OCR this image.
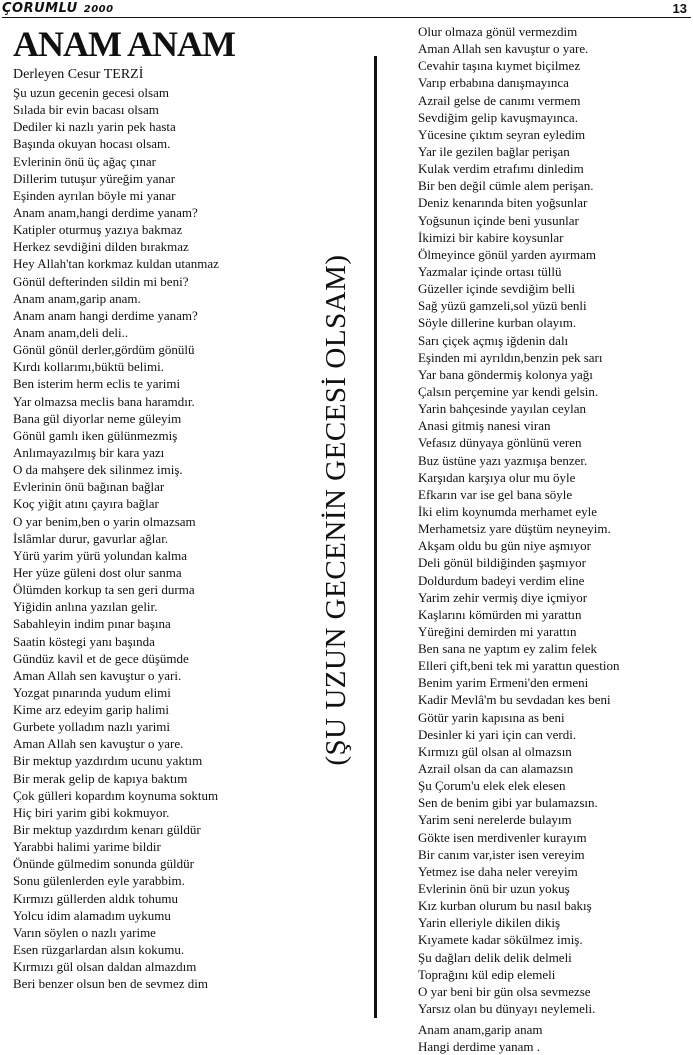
ÇORUMLU 2000	13
ANAM ANAM
Derleyen Cesur TERZİ
Şu uzun gecenin gecesi olsam
Sılada bir evin bacası olsam
Dediler ki nazlı yarin pek hasta
Başında okuyan hocası olsam.
Evlerinin önü üç ağaç çınar
Dillerim tutuşur yüreğim yanar
Eşinden ayrılan böyle mi yanar
Anam anam,hangi derdime yanam?
Katipler oturmuş yazıya bakmaz
Herkez sevdiğini dilden bırakmaz
Hey Allah'tan korkmaz kuldan utanmaz
Gönül defterinden sildin mi beni?
Anam anam,garip anam.
Anam anam hangi derdime yanam?
Anam anam,deli deli..
Gönül gönül derler,gördüm gönülü
Kırdı kollarımı,büktü belimi.
Ben isterim herm eclis te yarimi
Yar olmazsa meclis bana haramdır.
Bana gül diyorlar neme güleyim
Gönül gamlı iken gülünmezmiş
Anlımayazılmış bir kara yazı
O da mahşere dek silinmez imiş.
Evlerinin önü bağınan bağlar
Koç yiğit atını çayıra bağlar
O yar benim,ben o yarin olmazsam
İslâmlar durur, gavurlar ağlar.
Yürü yarim yürü yolundan kalma
Her yüze güleni dost olur sanma
Ölümden korkup ta sen geri durma
Yiğidin anlına yazılan gelir.
Sabahleyin indim pınar başına
Saatin köstegi yanı başında
Gündüz kavil et de gece düşümde
Aman Allah sen kavuştur o yari.
Yozgat pınarında yudum elimi
Kime arz edeyim garip halimi
Gurbete yolladım nazlı yarimi
Aman Allah sen kavuştur o yare.
Bir mektup yazdırdım ucunu yaktım
Bir merak gelip de kapıya baktım
Çok gülleri kopardım koynuma soktum
Hiç biri yarim gibi kokmuyor.
Bir mektup yazdırdım kenarı güldür
Yarabbi halimi yarime bildir
Önünde gülmedim sonunda güldür
Sonu gülenlerden eyle yarabbim.
Kırmızı güllerden aldık tohumu
Yolcu idim alamadım uykumu
Varın söylen o nazlı yarime
Esen rüzgarlardan alsın kokumu.
Kırmızı gül olsan daldan almazdım
Beri benzer olsun ben de sevmez dim
(ŞU UZUN GECENİN GECESİ OLSAM)
Olur olmaza gönül vermezdim
Aman Allah sen kavuştur o yare.
Cevahir taşına kıymet biçilmez
Varıp erbabına danışmayınca
Azrail gelse de canımı vermem
Sevdiğim gelip kavuşmayınca.
Yücesine çıktım seyran eyledim
Yar ile gezilen bağlar perişan
Kulak verdim etrafımı dinledim
Bir ben değil cümle alem perişan.
Deniz kenarında biten yoğsunlar
Yoğsunun içinde beni yusunlar
İkimizi bir kabire koysunlar
Ölmeyince gönül yarden ayırmam
Yazmalar içinde ortası tüllü
Güzeller içinde sevdiğim belli
Sağ yüzü gamzeli,sol yüzü benli
Söyle dillerine kurban olayım.
Sarı çiçek açmış iğdenin dalı
Eşinden mi ayrıldın,benzin pek sarı
Yar bana göndermiş kolonya yağı
Çalsın perçemine yar kendi gelsin.
Yarin bahçesinde yayılan ceylan
Anasi gitmiş nanesi viran
Vefasız dünyaya gönlünü veren
Buz üstüne yazı yazmışa benzer.
Karşıdan karşıya olur mu öyle
Efkarın var ise gel bana söyle
İki elim koynumda merhamet eyle
Merhametsiz yare düştüm neyneyim.
Akşam oldu bu gün niye aşmıyor
Deli gönül bildiğinden şaşmıyor
Doldurdum badeyi verdim eline
Yarim zehir vermiş diye içmiyor
Kaşlarını kömürden mi yarattın
Yüreğini demirden mi yarattın
Ben sana ne yaptım ey zalim felek
Elleri çift,beni tek mi yarattın question
Benim yarim Ermeni'den ermeni
Kadir Mevlâ'm bu sevdadan kes beni
Götür yarin kapısına as beni
Desinler ki yari için can verdi.
Kırmızı gül olsan al olmazsın
Azrail olsan da can alamazsın
Şu Çorum'u elek elek elesen
Sen de benim gibi yar bulamazsın.
Yarim seni nerelerde bulayım
Gökte isen merdivenler kurayım
Bir canım var,ister isen vereyim
Yetmez ise daha neler vereyim
Evlerinin önü bir uzun yokuş
Kız kurban olurum bu nasıl bakış
Yarin elleriyle dikilen dikiş
Kıyamete kadar sökülmez imiş.
Şu dağları delik delik delmeli
Toprağını kül edip elemeli
O yar beni bir gün olsa sevmezse
Yarsız olan bu dünyayı neylemeli.
Anam anam,garip anam
Hangi derdime yanam .
